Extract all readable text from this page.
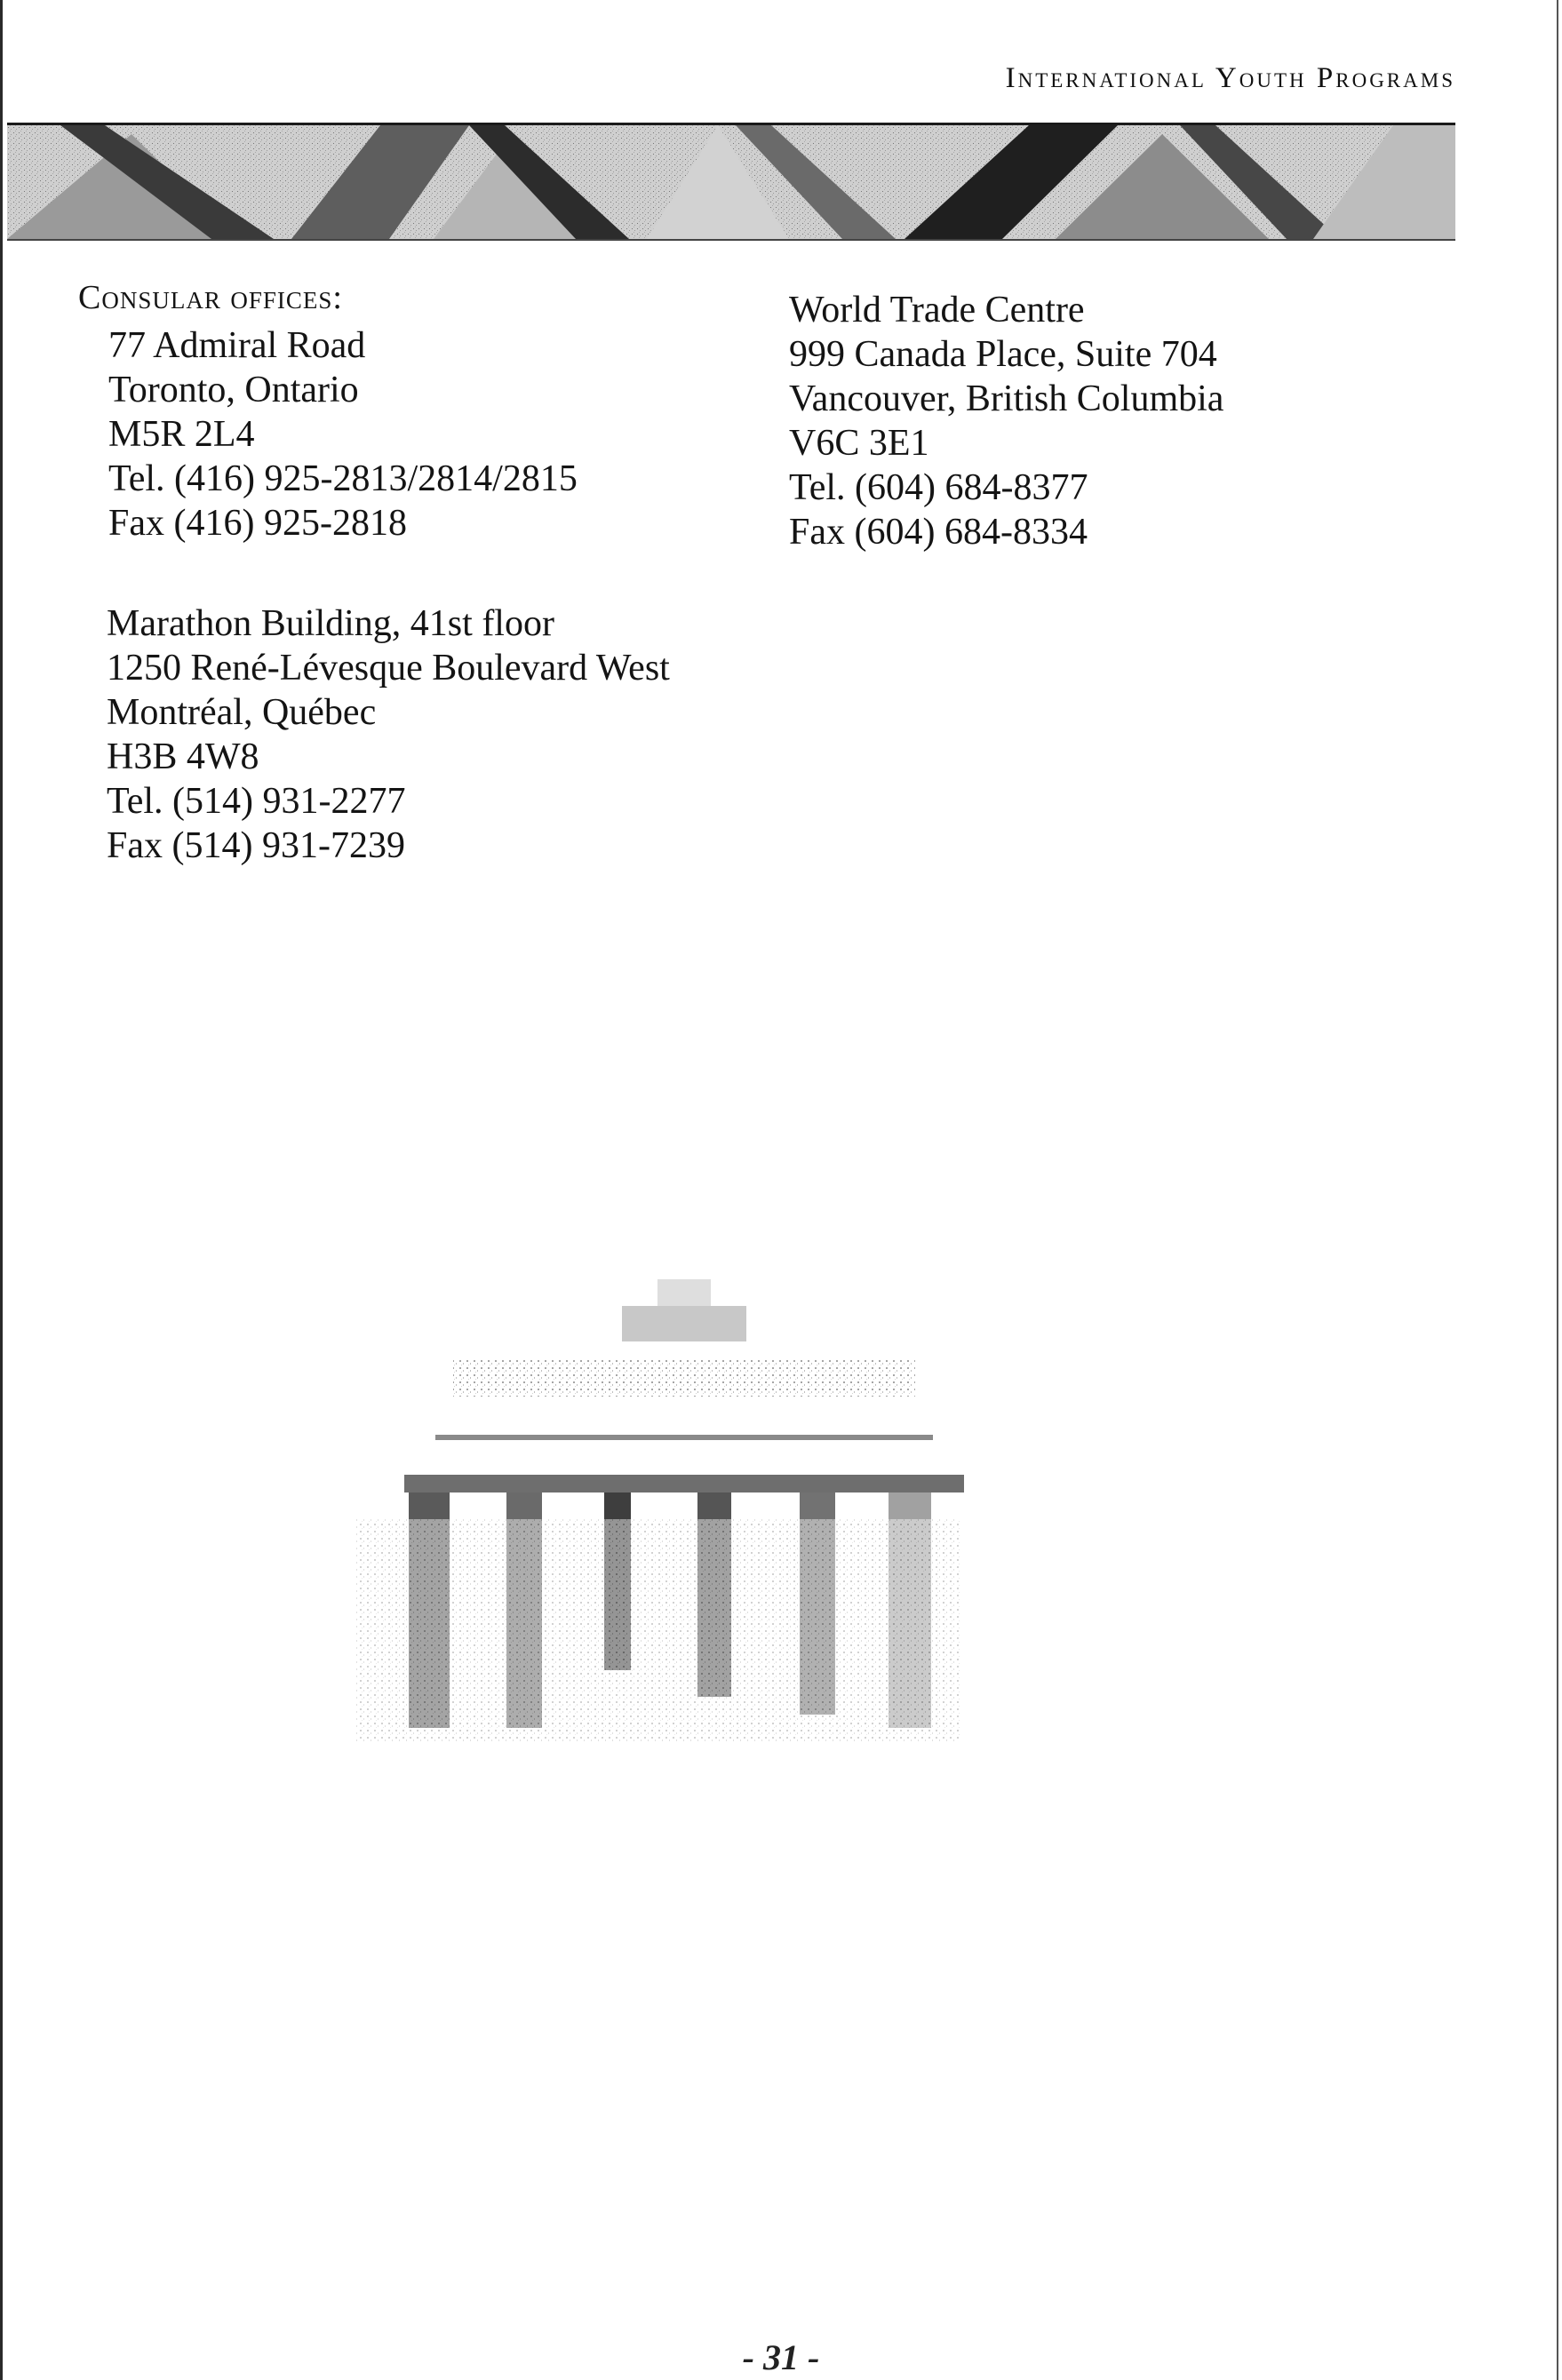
International Youth Programs
Consular offices:
77 Admiral Road
Toronto, Ontario
M5R 2L4
Tel. (416) 925-2813/2814/2815
Fax (416) 925-2818
Marathon Building, 41st floor
1250 René-Lévesque Boulevard West
Montréal, Québec
H3B 4W8
Tel. (514) 931-2277
Fax (514) 931-7239
World Trade Centre
999 Canada Place, Suite 704
Vancouver, British Columbia
V6C 3E1
Tel. (604) 684-8377
Fax (604) 684-8334
- 31 -
